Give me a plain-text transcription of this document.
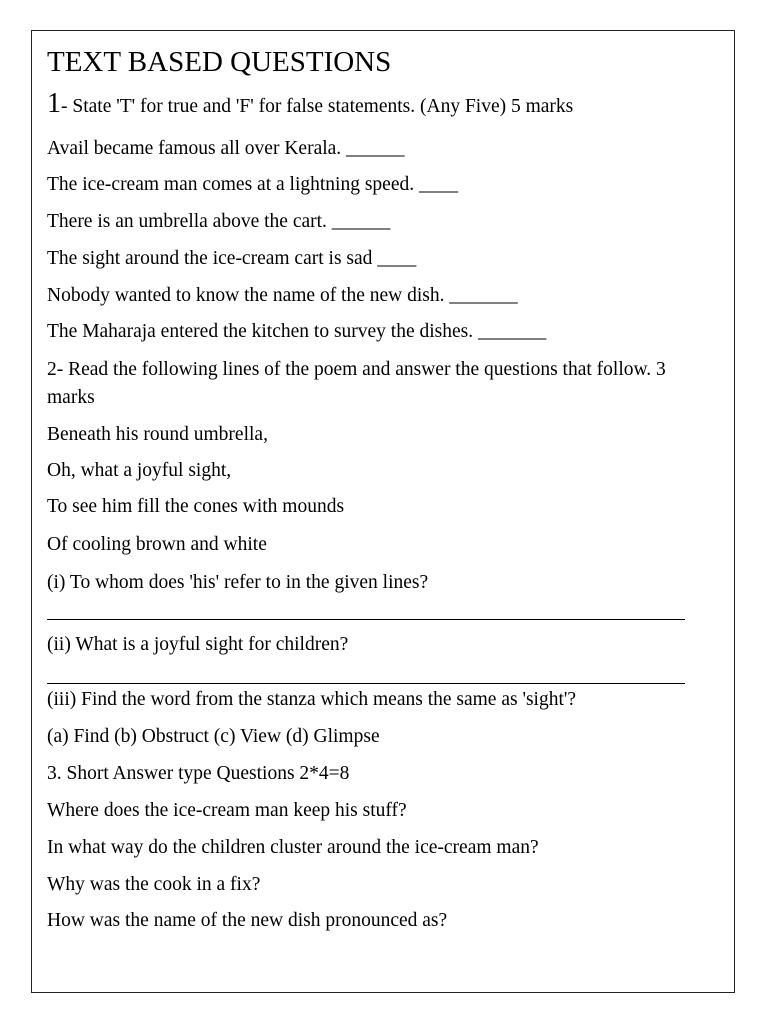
TEXT BASED QUESTIONS
1- State 'T' for true and 'F' for false statements. (Any Five) 5 marks
Avail became famous all over Kerala. ______
The ice-cream man comes at a lightning speed. ____
There is an umbrella above the cart. ______
The sight around the ice-cream cart is sad ____
Nobody wanted to know the name of the new dish. _______
The Maharaja entered the kitchen to survey the dishes. _______
2- Read the following lines of the poem and answer the questions that follow. 3 marks
Beneath his round umbrella,
Oh, what a joyful sight,
To see him fill the cones with mounds
Of cooling brown and white
(i) To whom does 'his' refer to in the given lines?
(ii) What is a joyful sight for children?
(iii) Find the word from the stanza which means the same as 'sight'?
(a) Find (b) Obstruct (c) View (d) Glimpse
3. Short Answer type Questions 2*4=8
Where does the ice-cream man keep his stuff?
In what way do the children cluster around the ice-cream man?
Why was the cook in a fix?
How was the name of the new dish pronounced as?
